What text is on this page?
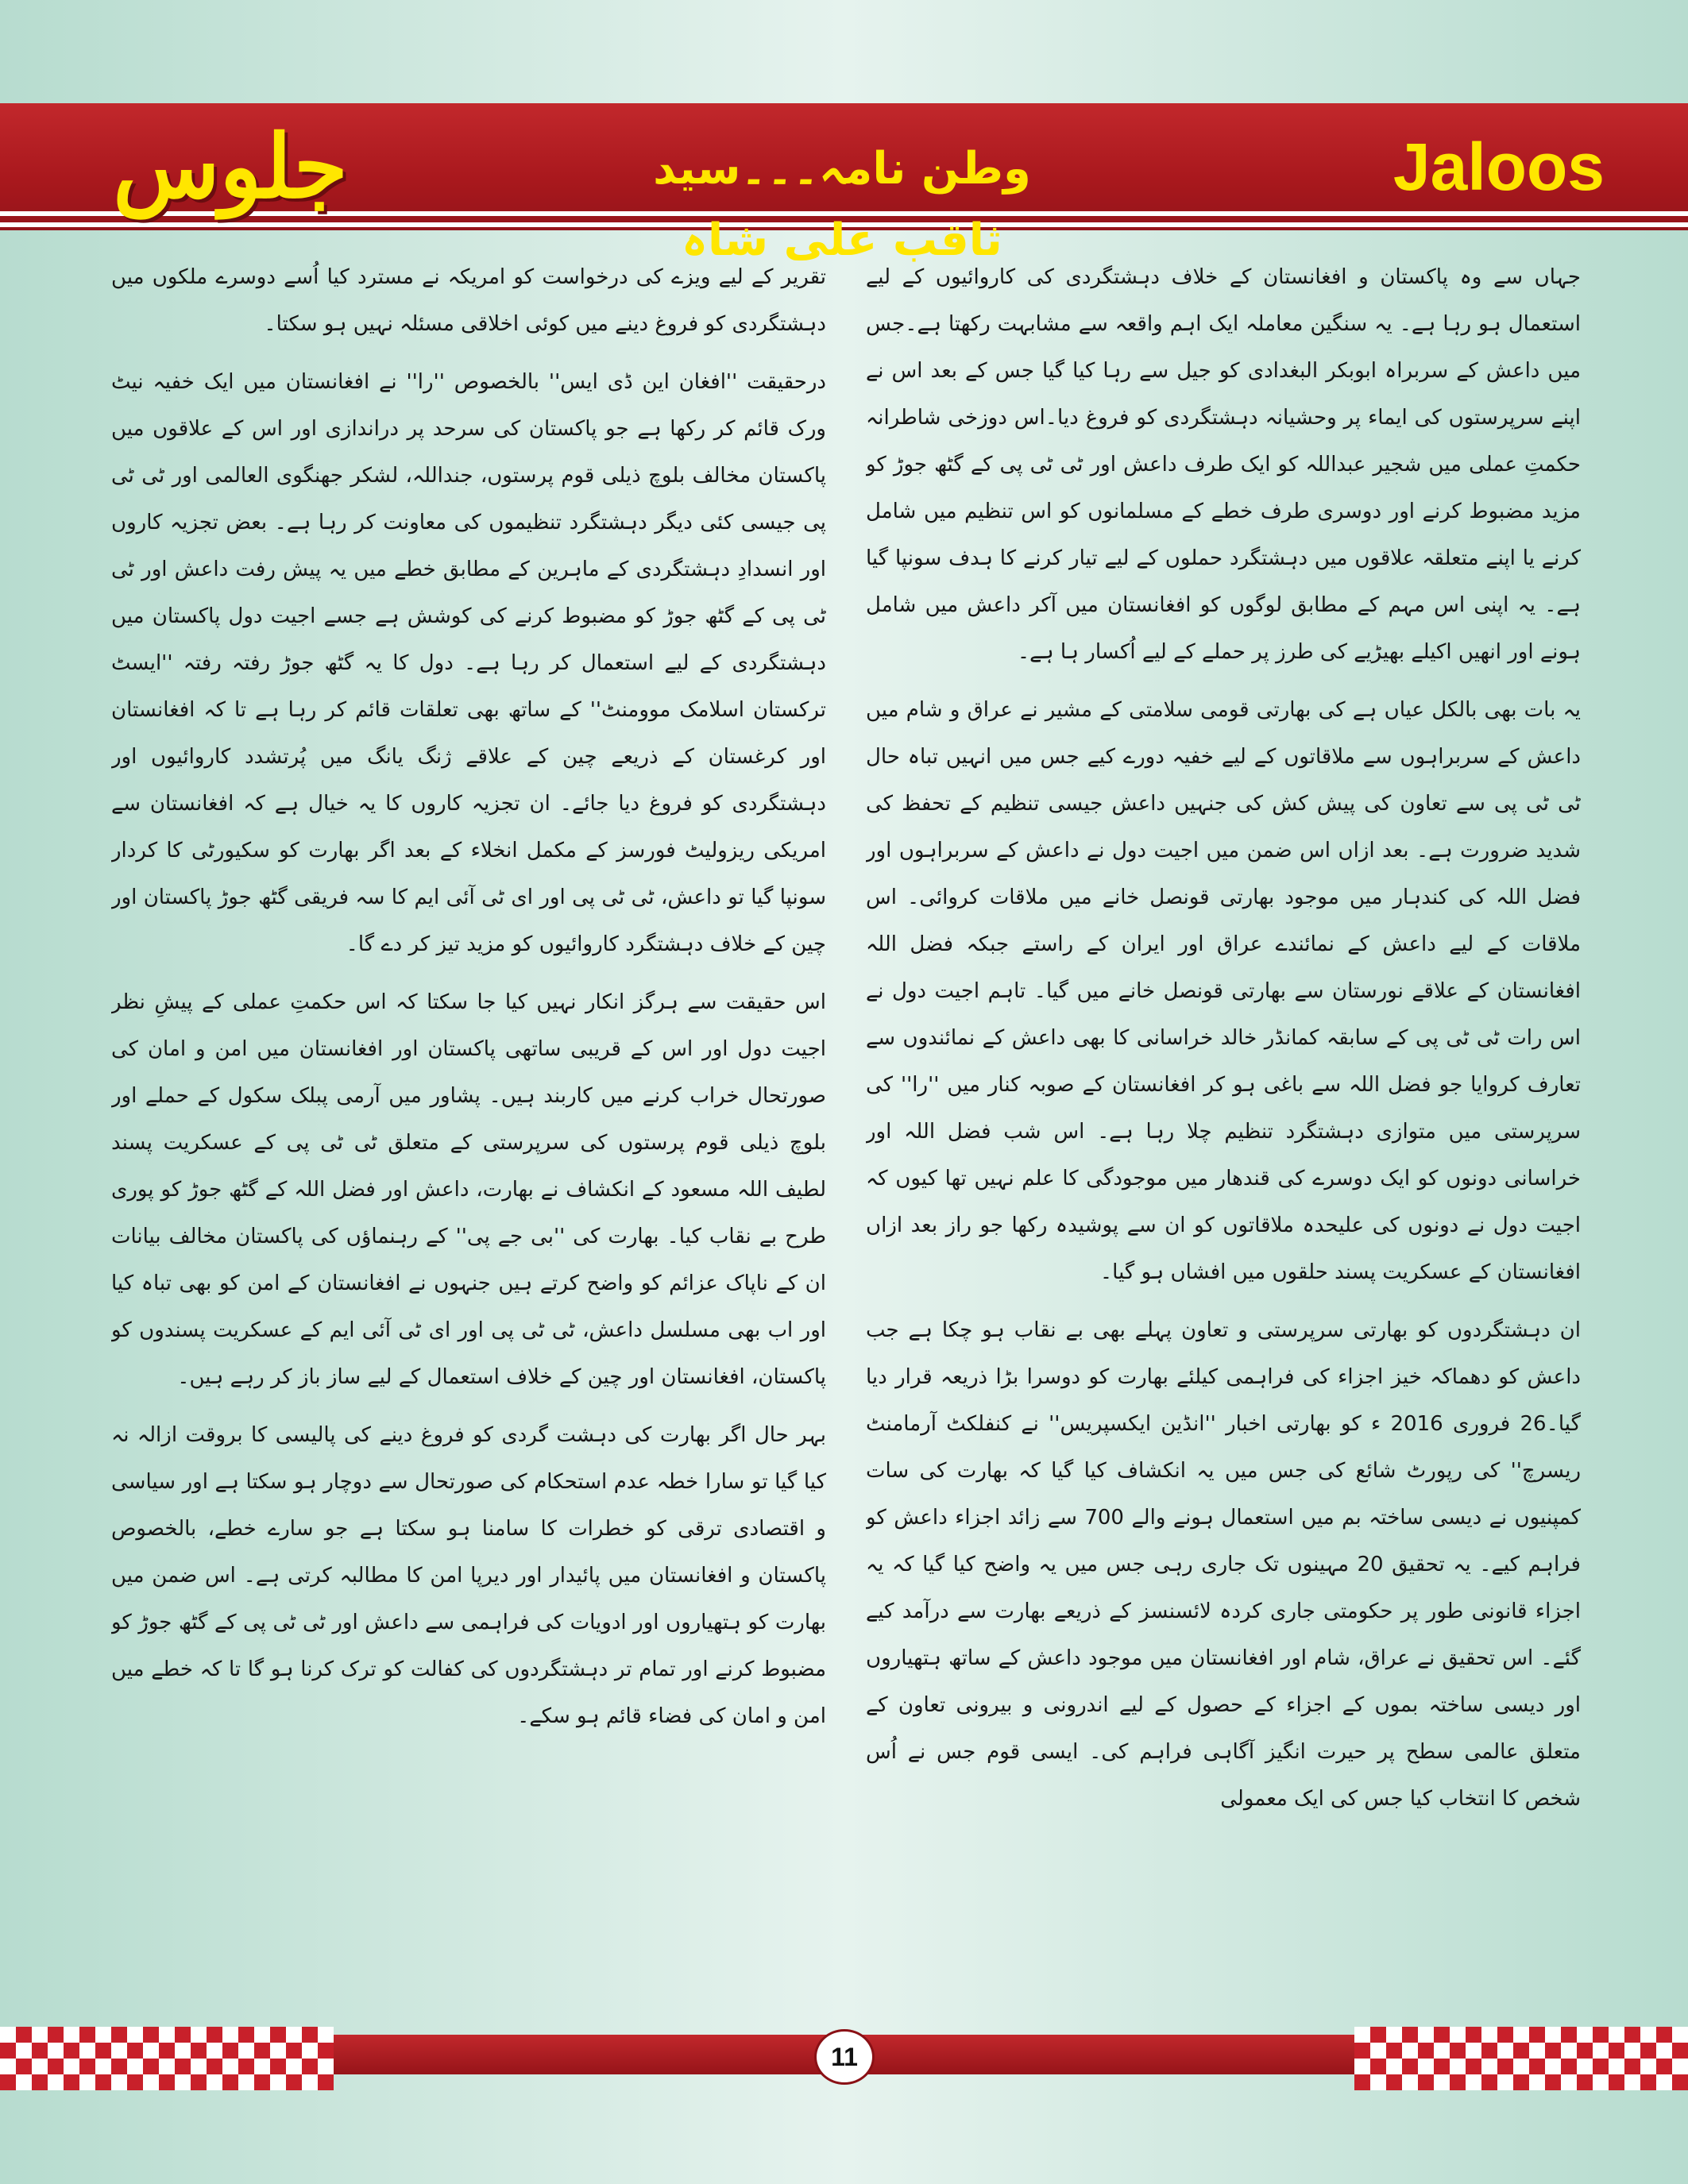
جلوس	وطن نامہ۔۔۔سید ثاقب علی شاہ
Jaloos

جہاں سے وہ پاکستان و افغانستان کے خلاف دہشتگردی کی کاروائیوں کے لیے استعمال ہو رہا ہے۔ یہ سنگین معاملہ ایک اہم واقعہ سے مشابہت رکھتا ہے۔جس میں داعش کے سربراہ ابوبکر البغدادی کو جیل سے رہا کیا گیا جس کے بعد اس نے اپنے سرپرستوں کی ایماء پر وحشیانہ دہشتگردی کو فروغ دیا۔اس دوزخی شاطرانہ حکمتِ عملی میں شجیر عبداللہ کو ایک طرف داعش اور ٹی ٹی پی کے گٹھ جوڑ کو مزید مضبوط کرنے اور دوسری طرف خطے کے مسلمانوں کو اس تنظیم میں شامل کرنے یا اپنے متعلقہ علاقوں میں دہشتگرد حملوں کے لیے تیار کرنے کا ہدف سونپا گیا ہے۔ یہ اپنی اس مہم کے مطابق لوگوں کو افغانستان میں آکر داعش میں شامل ہونے اور انھیں اکیلے بھیڑیے کی طرز پر حملے کے لیے اُکسار ہا ہے۔

یہ بات بھی بالکل عیاں ہے کی بھارتی قومی سلامتی کے مشیر نے عراق و شام میں داعش کے سربراہوں سے ملاقاتوں کے لیے خفیہ دورے کیے جس میں انہیں تباہ حال ٹی ٹی پی سے تعاون کی پیش کش کی جنہیں داعش جیسی تنظیم کے تحفظ کی شدید ضرورت ہے۔ بعد ازاں اس ضمن میں اجیت دول نے داعش کے سربراہوں اور فضل اللہ کی کندہار میں موجود بھارتی قونصل خانے میں ملاقات کروائی۔ اس ملاقات کے لیے داعش کے نمائندے عراق اور ایران کے راستے جبکہ فضل اللہ افغانستان کے علاقے نورستان سے بھارتی قونصل خانے میں گیا۔ تاہم اجیت دول نے اس رات ٹی ٹی پی کے سابقہ کمانڈر خالد خراسانی کا بھی داعش کے نمائندوں سے تعارف کروایا جو فضل اللہ سے باغی ہو کر افغانستان کے صوبہ کنار میں ''را'' کی سرپرستی میں متوازی دہشتگرد تنظیم چلا رہا ہے۔ اس شب فضل اللہ اور خراسانی دونوں کو ایک دوسرے کی قندھار میں موجودگی کا علم نہیں تھا کیوں کہ اجیت دول نے دونوں کی علیحدہ ملاقاتوں کو ان سے پوشیدہ رکھا جو راز بعد ازاں افغانستان کے عسکریت پسند حلقوں میں افشاں ہو گیا۔

ان دہشتگردوں کو بھارتی سرپرستی و تعاون پہلے بھی بے نقاب ہو چکا ہے جب داعش کو دھماکہ خیز اجزاء کی فراہمی کیلئے بھارت کو دوسرا بڑا ذریعہ قرار دیا گیا۔26 فروری 2016 ء کو بھارتی اخبار ''انڈین ایکسپریس'' نے کنفلکٹ آرمامنٹ ریسرچ'' کی رپورٹ شائع کی جس میں یہ انکشاف کیا گیا کہ بھارت کی سات کمپنیوں نے دیسی ساختہ بم میں استعمال ہونے والے 700 سے زائد اجزاء داعش کو فراہم کیے۔ یہ تحقیق 20 مہینوں تک جاری رہی جس میں یہ واضح کیا گیا کہ یہ اجزاء قانونی طور پر حکومتی جاری کردہ لائسنسز کے ذریعے بھارت سے درآمد کیے گئے۔ اس تحقیق نے عراق، شام اور افغانستان میں موجود داعش کے ساتھ ہتھیاروں اور دیسی ساختہ بموں کے اجزاء کے حصول کے لیے اندرونی و بیرونی تعاون کے متعلق عالمی سطح پر حیرت انگیز آگاہی فراہم کی۔ ایسی قوم جس نے اُس شخص کا انتخاب کیا جس کی ایک معمولی

تقریر کے لیے ویزے کی درخواست کو امریکہ نے مسترد کیا اُسے دوسرے ملکوں میں دہشتگردی کو فروغ دینے میں کوئی اخلاقی مسئلہ نہیں ہو سکتا۔

درحقیقت ''افغان این ڈی ایس'' بالخصوص ''را'' نے افغانستان میں ایک خفیہ نیٹ ورک قائم کر رکھا ہے جو پاکستان کی سرحد پر دراندازی اور اس کے علاقوں میں پاکستان مخالف بلوچ ذیلی قوم پرستوں، جنداللہ، لشکر جھنگوی العالمی اور ٹی ٹی پی جیسی کئی دیگر دہشتگرد تنظیموں کی معاونت کر رہا ہے۔ بعض تجزیہ کاروں اور انسدادِ دہشتگردی کے ماہرین کے مطابق خطے میں یہ پیش رفت داعش اور ٹی ٹی پی کے گٹھ جوڑ کو مضبوط کرنے کی کوشش ہے جسے اجیت دول پاکستان میں دہشتگردی کے لیے استعمال کر رہا ہے۔ دول کا یہ گٹھ جوڑ رفتہ رفتہ ''ایسٹ ترکستان اسلامک موومنٹ'' کے ساتھ بھی تعلقات قائم کر رہا ہے تا کہ افغانستان اور کرغستان کے ذریعے چین کے علاقے ژنگ یانگ میں پُرتشدد کاروائیوں اور دہشتگردی کو فروغ دیا جائے۔ ان تجزیہ کاروں کا یہ خیال ہے کہ افغانستان سے امریکی ریزولیٹ فورسز کے مکمل انخلاء کے بعد اگر بھارت کو سکیورٹی کا کردار سونپا گیا تو داعش، ٹی ٹی پی اور ای ٹی آئی ایم کا سہ فریقی گٹھ جوڑ پاکستان اور چین کے خلاف دہشتگرد کاروائیوں کو مزید تیز کر دے گا۔

اس حقیقت سے ہرگز انکار نہیں کیا جا سکتا کہ اس حکمتِ عملی کے پیشِ نظر اجیت دول اور اس کے قریبی ساتھی پاکستان اور افغانستان میں امن و امان کی صورتحال خراب کرنے میں کاربند ہیں۔ پشاور میں آرمی پبلک سکول کے حملے اور بلوچ ذیلی قوم پرستوں کی سرپرستی کے متعلق ٹی ٹی پی کے عسکریت پسند لطیف اللہ مسعود کے انکشاف نے بھارت، داعش اور فضل اللہ کے گٹھ جوڑ کو پوری طرح بے نقاب کیا۔ بھارت کی ''بی جے پی'' کے رہنماؤں کی پاکستان مخالف بیانات ان کے ناپاک عزائم کو واضح کرتے ہیں جنہوں نے افغانستان کے امن کو بھی تباہ کیا اور اب بھی مسلسل داعش، ٹی ٹی پی اور ای ٹی آئی ایم کے عسکریت پسندوں کو پاکستان، افغانستان اور چین کے خلاف استعمال کے لیے ساز باز کر رہے ہیں۔

بہر حال اگر بھارت کی دہشت گردی کو فروغ دینے کی پالیسی کا بروقت ازالہ نہ کیا گیا تو سارا خطہ عدم استحکام کی صورتحال سے دوچار ہو سکتا ہے اور سیاسی و اقتصادی ترقی کو خطرات کا سامنا ہو سکتا ہے جو سارے خطے، بالخصوص پاکستان و افغانستان میں پائیدار اور دیرپا امن کا مطالبہ کرتی ہے۔ اس ضمن میں بھارت کو ہتھیاروں اور ادویات کی فراہمی سے داعش اور ٹی ٹی پی کے گٹھ جوڑ کو مضبوط کرنے اور تمام تر دہشتگردوں کی کفالت کو ترک کرنا ہو گا تا کہ خطے میں امن و امان کی فضاء قائم ہو سکے۔

11
